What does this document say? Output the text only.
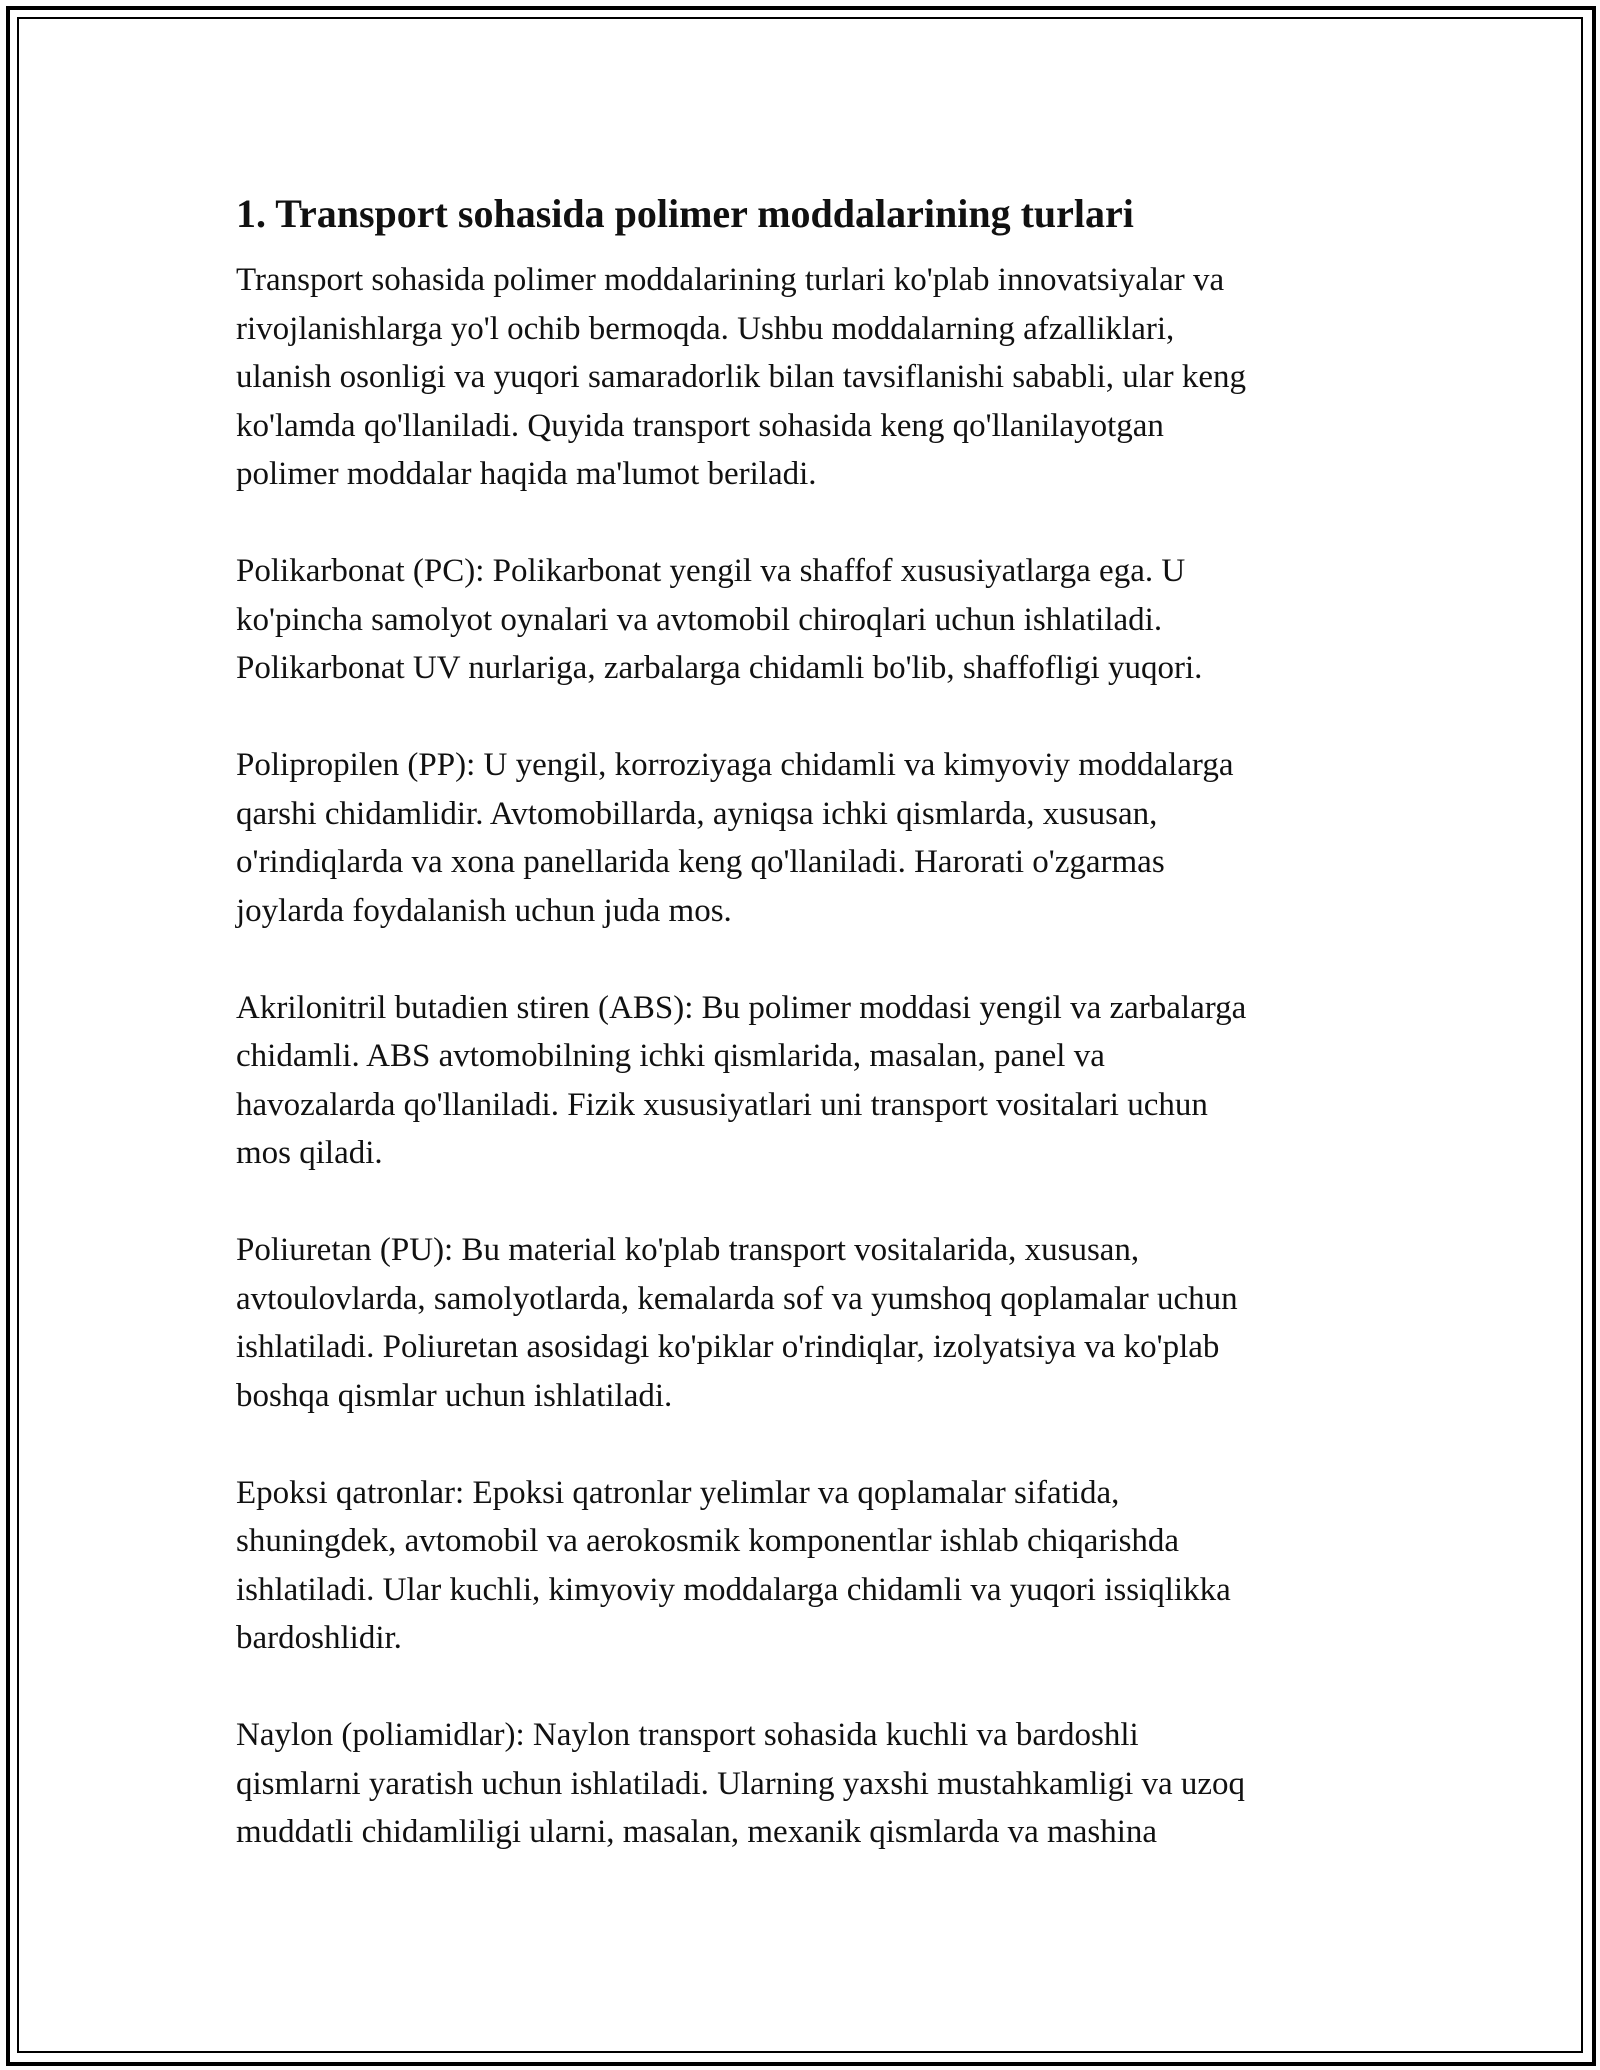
1. Transport sohasida polimer moddalarining turlari
Transport sohasida polimer moddalarining turlari ko'plab innovatsiyalar va
rivojlanishlarga yo'l ochib bermoqda. Ushbu moddalarning afzalliklari,
ulanish osonligi va yuqori samaradorlik bilan tavsiflanishi sababli, ular keng
ko'lamda qo'llaniladi. Quyida transport sohasida keng qo'llanilayotgan
polimer moddalar haqida ma'lumot beriladi.
Polikarbonat (PC): Polikarbonat yengil va shaffof xususiyatlarga ega. U
ko'pincha samolyot oynalari va avtomobil chiroqlari uchun ishlatiladi.
Polikarbonat UV nurlariga, zarbalarga chidamli bo'lib, shaffofligi yuqori.
Polipropilen (PP): U yengil, korroziyaga chidamli va kimyoviy moddalarga
qarshi chidamlidir. Avtomobillarda, ayniqsa ichki qismlarda, xususan,
o'rindiqlarda va xona panellarida keng qo'llaniladi. Harorati o'zgarmas
joylarda foydalanish uchun juda mos.
Akrilonitril butadien stiren (ABS): Bu polimer moddasi yengil va zarbalarga
chidamli. ABS avtomobilning ichki qismlarida, masalan, panel va
havozalarda qo'llaniladi. Fizik xususiyatlari uni transport vositalari uchun
mos qiladi.
Poliuretan (PU): Bu material ko'plab transport vositalarida, xususan,
avtoulovlarda, samolyotlarda, kemalarda sof va yumshoq qoplamalar uchun
ishlatiladi. Poliuretan asosidagi ko'piklar o'rindiqlar, izolyatsiya va ko'plab
boshqa qismlar uchun ishlatiladi.
Epoksi qatronlar: Epoksi qatronlar yelimlar va qoplamalar sifatida,
shuningdek, avtomobil va aerokosmik komponentlar ishlab chiqarishda
ishlatiladi. Ular kuchli, kimyoviy moddalarga chidamli va yuqori issiqlikka
bardoshlidir.
Naylon (poliamidlar): Naylon transport sohasida kuchli va bardoshli
qismlarni yaratish uchun ishlatiladi. Ularning yaxshi mustahkamligi va uzoq
muddatli chidamliligi ularni, masalan, mexanik qismlarda va mashina
